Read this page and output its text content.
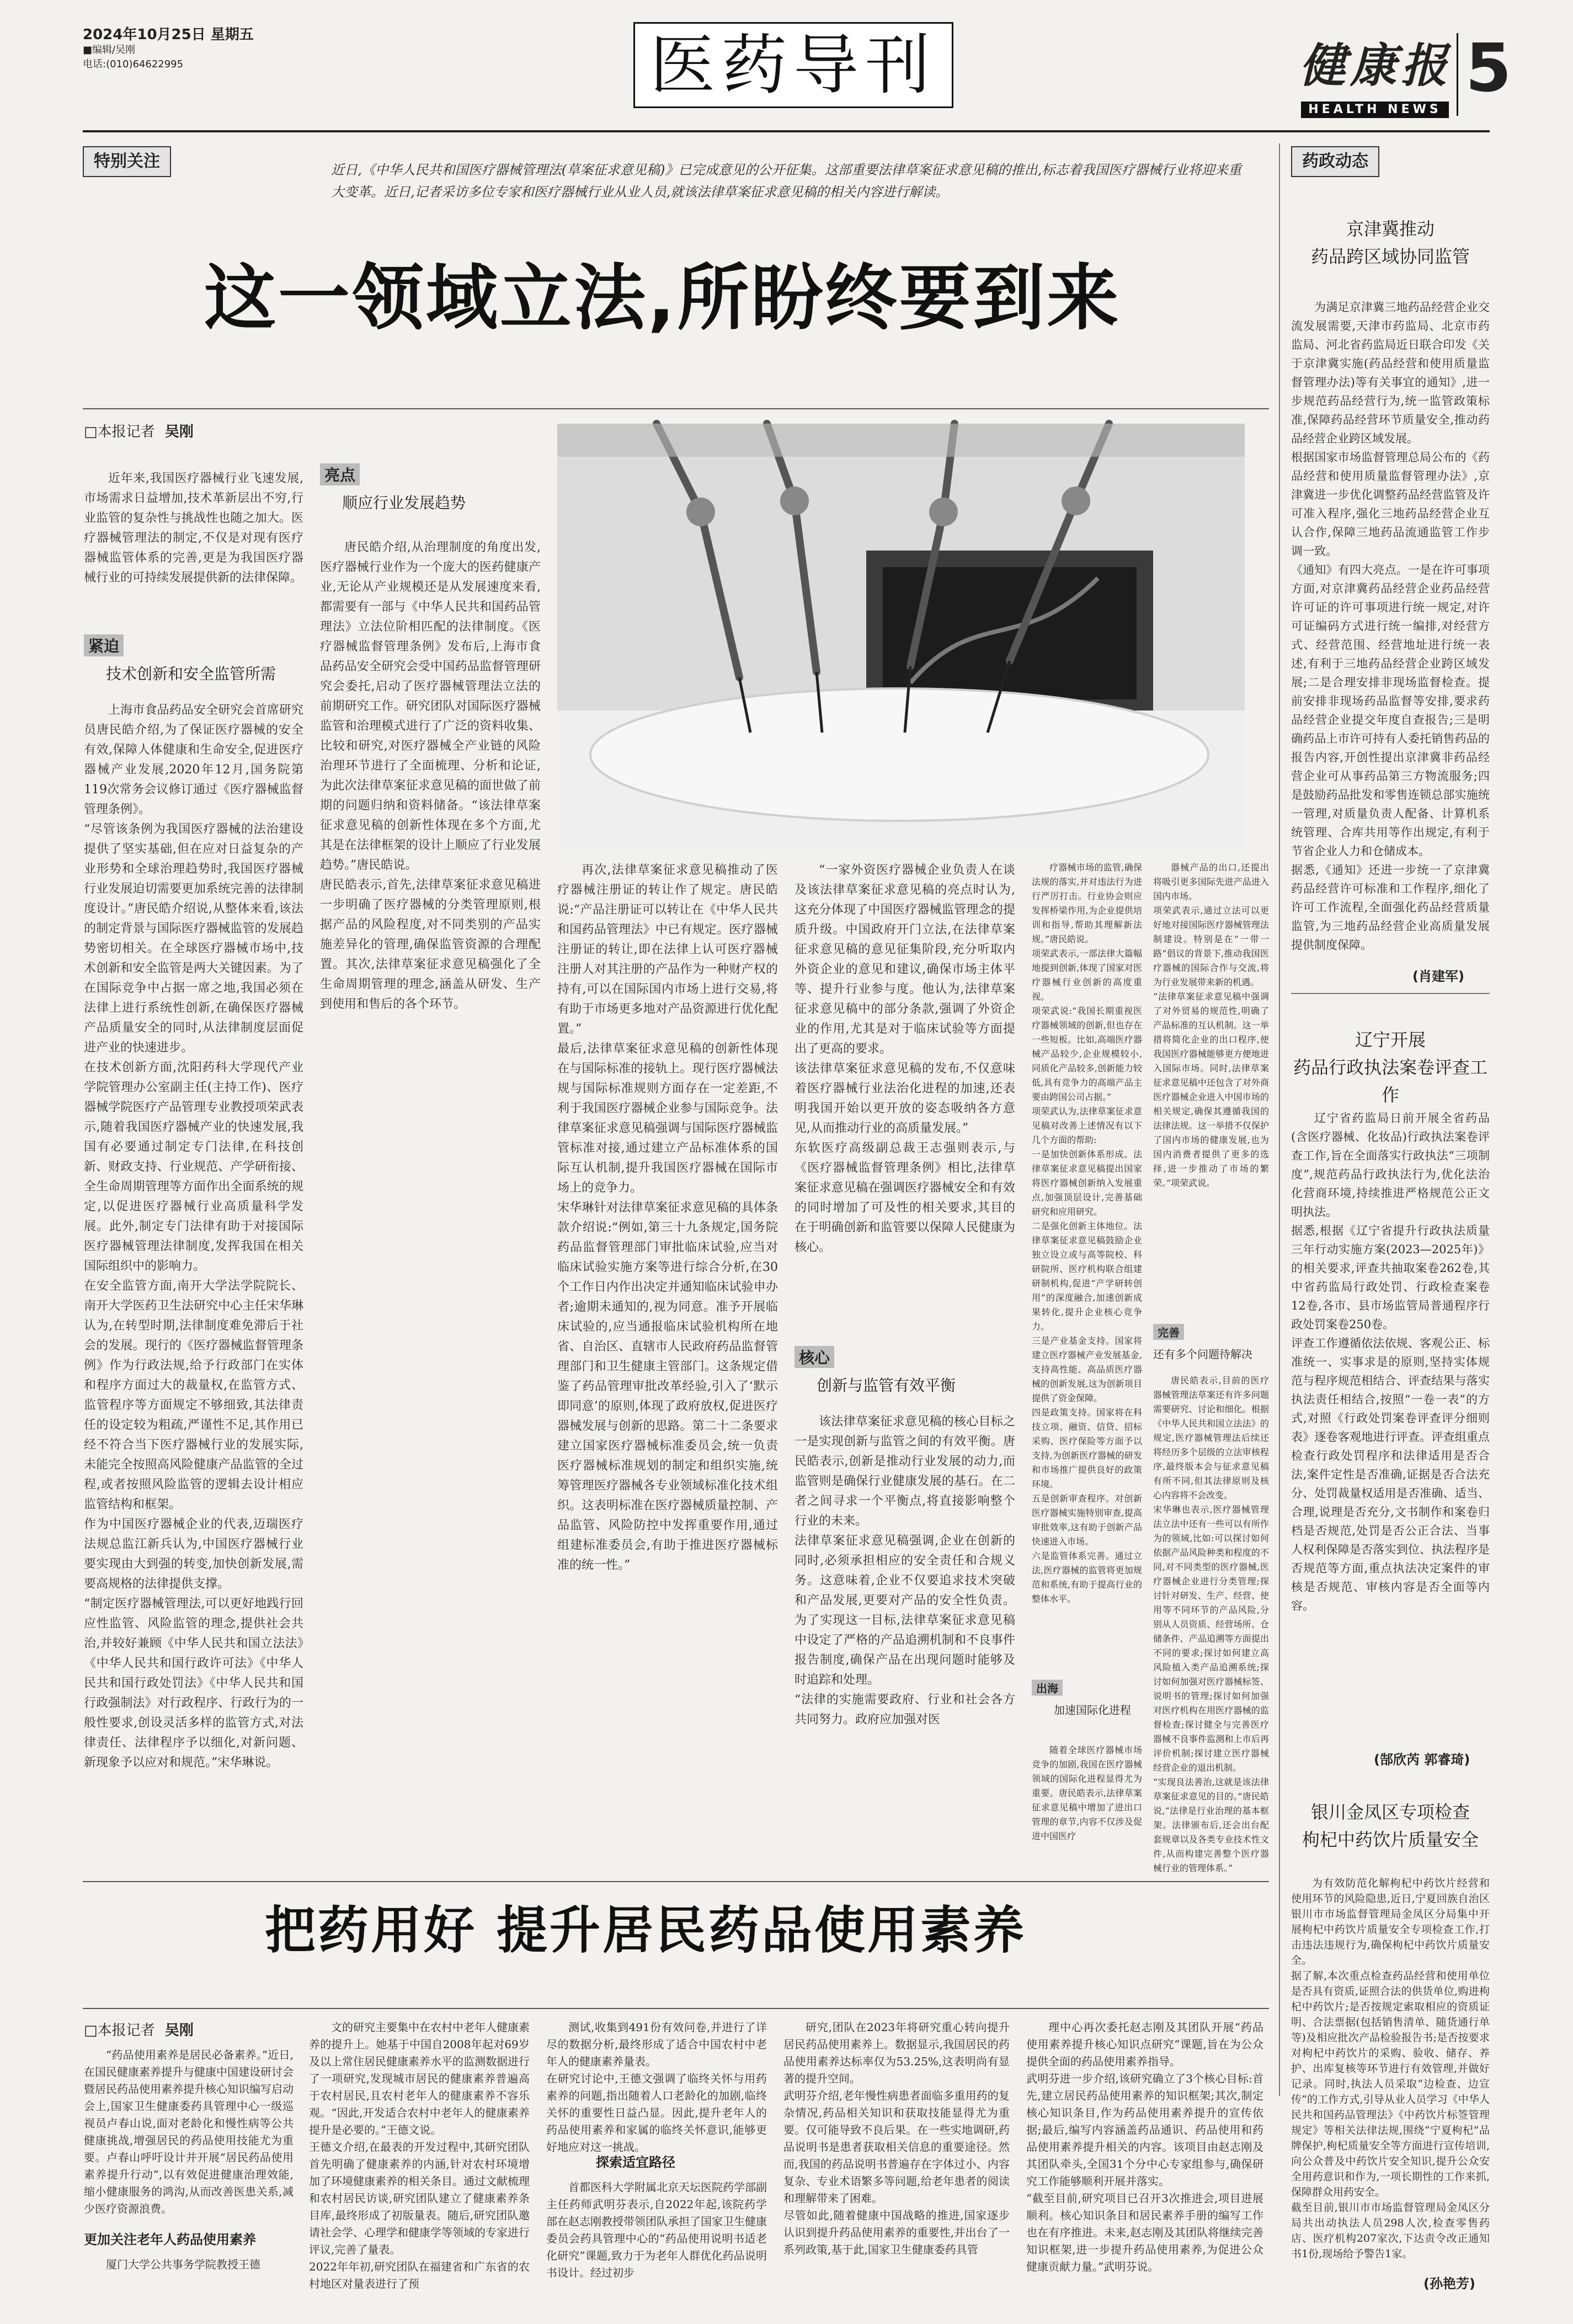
2024年10月25日 星期五
■编辑/吴刚
电话:(010)64622995	医药导刊	健康报
HEALTH NEWS
5
特别关注	近日,《中华人民共和国医疗器械管理法(草案征求意见稿)》已完成意见的公开征集。这部重要法律草案征求意见稿的推出,标志着我国医疗器械行业将迎来重大变革。近日,记者采访多位专家和医疗器械行业从业人员,就该法律草案征求意见稿的相关内容进行解读。

这一领域立法,所盼终要到来
□本报记者 吴刚

近年来,我国医疗器械行业飞速发展,市场需求日益增加,技术革新层出不穷,行业监管的复杂性与挑战性也随之加大。医疗器械管理法的制定,不仅是对现有医疗器械监管体系的完善,更是为我国医疗器械行业的可持续发展提供新的法律保障。

紧迫
技术创新和安全监管所需

上海市食品药品安全研究会首席研究员唐民皓介绍,为了保证医疗器械的安全有效,保障人体健康和生命安全,促进医疗器械产业发展,2020年12月,国务院第119次常务会议修订通过《医疗器械监督管理条例》。
“尽管该条例为我国医疗器械的法治建设提供了坚实基础,但在应对日益复杂的产业形势和全球治理趋势时,我国医疗器械行业发展迫切需要更加系统完善的法律制度设计。”唐民皓介绍说,从整体来看,该法的制定背景与国际医疗器械监管的发展趋势密切相关。在全球医疗器械市场中,技术创新和安全监管是两大关键因素。为了在国际竞争中占据一席之地,我国必须在法律上进行系统性创新,在确保医疗器械产品质量安全的同时,从法律制度层面促进产业的快速进步。
在技术创新方面,沈阳药科大学现代产业学院管理办公室副主任(主持工作)、医疗器械学院医疗产品管理专业教授项荣武表示,随着我国医疗器械产业的快速发展,我国有必要通过制定专门法律,在科技创新、财政支持、行业规范、产学研衔接、全生命周期管理等方面作出全面系统的规定,以促进医疗器械行业高质量科学发展。此外,制定专门法律有助于对接国际医疗器械管理法律制度,发挥我国在相关国际组织中的影响力。
在安全监管方面,南开大学法学院院长、南开大学医药卫生法研究中心主任宋华琳认为,在转型时期,法律制度难免滞后于社会的发展。现行的《医疗器械监督管理条例》作为行政法规,给予行政部门在实体和程序方面过大的裁量权,在监管方式、监管程序等方面规定不够细致,其法律责任的设定较为粗疏,严谨性不足,其作用已经不符合当下医疗器械行业的发展实际,未能完全按照高风险健康产品监管的全过程,或者按照风险监管的逻辑去设计相应监管结构和框架。
作为中国医疗器械企业的代表,迈瑞医疗法规总监江新兵认为,中国医疗器械行业要实现由大到强的转变,加快创新发展,需要高规格的法律提供支撑。
“制定医疗器械管理法,可以更好地践行回应性监管、风险监管的理念,提供社会共治,并较好兼顾《中华人民共和国立法法》《中华人民共和国行政许可法》《中华人民共和国行政处罚法》《中华人民共和国行政强制法》对行政程序、行政行为的一般性要求,创设灵活多样的监管方式,对法律责任、法律程序予以细化,对新问题、新现象予以应对和规范。”宋华琳说。

亮点
顺应行业发展趋势

唐民皓介绍,从治理制度的角度出发,医疗器械行业作为一个庞大的医药健康产业,无论从产业规模还是从发展速度来看,都需要有一部与《中华人民共和国药品管理法》立法位阶相匹配的法律制度。《医疗器械监督管理条例》发布后,上海市食品药品安全研究会受中国药品监督管理研究会委托,启动了医疗器械管理法立法的前期研究工作。研究团队对国际医疗器械监管和治理模式进行了广泛的资料收集、比较和研究,对医疗器械全产业链的风险治理环节进行了全面梳理、分析和论证,为此次法律草案征求意见稿的面世做了前期的问题归纳和资料储备。“该法律草案征求意见稿的创新性体现在多个方面,尤其是在法律框架的设计上顺应了行业发展趋势。”唐民皓说。
唐民皓表示,首先,法律草案征求意见稿进一步明确了医疗器械的分类管理原则,根据产品的风险程度,对不同类别的产品实施差异化的管理,确保监管资源的合理配置。其次,法律草案征求意见稿强化了全生命周期管理的理念,涵盖从研发、生产到使用和售后的各个环节。

再次,法律草案征求意见稿推动了医疗器械注册证的转让作了规定。唐民皓说:“产品注册证可以转让在《中华人民共和国药品管理法》中已有规定。医疗器械注册证的转让,即在法律上认可医疗器械注册人对其注册的产品作为一种财产权的持有,可以在国际国内市场上进行交易,将有助于市场更多地对产品资源进行优化配置。”
最后,法律草案征求意见稿的创新性体现在与国际标准的接轨上。现行医疗器械法规与国际标准规则方面存在一定差距,不利于我国医疗器械企业参与国际竞争。法律草案征求意见稿强调与国际医疗器械监管标准对接,通过建立产品标准体系的国际互认机制,提升我国医疗器械在国际市场上的竞争力。
宋华琳针对法律草案征求意见稿的具体条款介绍说:“例如,第三十九条规定,国务院药品监督管理部门审批临床试验,应当对临床试验实施方案等进行综合分析,在30个工作日内作出决定并通知临床试验申办者;逾期未通知的,视为同意。准予开展临床试验的,应当通报临床试验机构所在地省、自治区、直辖市人民政府药品监督管理部门和卫生健康主管部门。这条规定借鉴了药品管理审批改革经验,引入了‘默示即同意’的原则,体现了政府放权,促进医疗器械发展与创新的思路。第二十二条要求建立国家医疗器械标准委员会,统一负责医疗器械标准规划的制定和组织实施,统筹管理医疗器械各专业领域标准化技术组织。这表明标准在医疗器械质量控制、产品监管、风险防控中发挥重要作用,通过组建标准委员会,有助于推进医疗器械标准的统一性。”

“一家外资医疗器械企业负责人在谈及该法律草案征求意见稿的亮点时认为,这充分体现了中国医疗器械监管理念的提质升级。中国政府开门立法,在法律草案征求意见稿的意见征集阶段,充分听取内外资企业的意见和建议,确保市场主体平等、提升行业参与度。他认为,法律草案征求意见稿中的部分条款,强调了外资企业的作用,尤其是对于临床试验等方面提出了更高的要求。
该法律草案征求意见稿的发布,不仅意味着医疗器械行业法治化进程的加速,还表明我国开始以更开放的姿态吸纳各方意见,从而推动行业的高质量发展。”
东软医疗高级副总裁王志强则表示,与《医疗器械监督管理条例》相比,法律草案征求意见稿在强调医疗器械安全和有效的同时增加了可及性的相关要求,其目的在于明确创新和监管要以保障人民健康为核心。

核心
创新与监管有效平衡

该法律草案征求意见稿的核心目标之一是实现创新与监管之间的有效平衡。唐民皓表示,创新是推动行业发展的动力,而监管则是确保行业健康发展的基石。在二者之间寻求一个平衡点,将直接影响整个行业的未来。
法律草案征求意见稿强调,企业在创新的同时,必须承担相应的安全责任和合规义务。这意味着,企业不仅要追求技术突破和产品发展,更要对产品的安全性负责。为了实现这一目标,法律草案征求意见稿中设定了严格的产品追溯机制和不良事件报告制度,确保产品在出现问题时能够及时追踪和处理。
“法律的实施需要政府、行业和社会各方共同努力。政府应加强对医

疗器械市场的监管,确保法规的落实,并对违法行为进行严厉打击。行业协会则应发挥桥梁作用,为企业提供培训和指导,帮助其理解新法规。”唐民皓说。
项荣武表示,一部法律大篇幅地提到创新,体现了国家对医疗器械行业创新的高度重视。
项荣武说:“我国长期重视医疗器械领域的创新,但也存在一些短板。比如,高端医疗器械产品较少,企业规模较小,同质化产品较多,创新能力较低,具有竞争力的高端产品主要由跨国公司占据。”
项荣武认为,法律草案征求意见稿对改善上述情况有以下几个方面的帮助:
一是加快创新体系形成。法律草案征求意见稿提出国家将医疗器械创新纳入发展重点,加强顶层设计,完善基础研究和应用研究。
二是强化创新主体地位。法律草案征求意见稿鼓励企业独立设立或与高等院校、科研院所、医疗机构联合组建研制机构,促进“产学研转创用”的深度融合,加速创新成果转化,提升企业核心竞争力。
三是产业基金支持。国家将建立医疗器械产业发展基金,支持高性能、高品质医疗器械的创新发展,这为创新项目提供了资金保障。
四是政策支持。国家将在科技立项、融资、信贷、招标采购、医疗保险等方面予以支持,为创新医疗器械的研发和市场推广提供良好的政策环境。
五是创新审查程序。对创新医疗器械实施特别审查,提高审批效率,这有助于创新产品快速进入市场。
六是监管体系完善。通过立法,医疗器械的监管将更加规范和系统,有助于提高行业的整体水平。

出海
加速国际化进程

随着全球医疗器械市场竞争的加剧,我国在医疗器械领域的国际化进程显得尤为重要。唐民皓表示,法律草案征求意见稿中增加了进出口管理的章节,内容不仅涉及促进中国医疗

器械产品的出口,还提出将吸引更多国际先进产品进入国内市场。
项荣武表示,通过立法可以更好地对接国际医疗器械管理法制建设。特别是在“一带一路”倡议的背景下,推动我国医疗器械的国际合作与交流,将为行业发展带来新的机遇。
“法律草案征求意见稿中强调了对外贸易的规范性,明确了产品标准的互认机制。这一举措将简化企业的出口程序,使我国医疗器械能够更方便地进入国际市场。同时,法律草案征求意见稿中还包含了对外商医疗器械企业进入中国市场的相关规定,确保其遵循我国的法律法规。这一举措不仅保护了国内市场的健康发展,也为国内消费者提供了更多的选择,进一步推动了市场的繁荣。”项荣武说。

药政动态
京津冀推动
药品跨区域协同监管

为满足京津冀三地药品经营企业交流发展需要,天津市药监局、北京市药监局、河北省药监局近日联合印发《关于京津冀实施(药品经营和使用质量监督管理办法)等有关事宜的通知》,进一步规范药品经营行为,统一监管政策标准,保障药品经营环节质量安全,推动药品经营企业跨区域发展。
根据国家市场监督管理总局公布的《药品经营和使用质量监督管理办法》,京津冀进一步优化调整药品经营监管及许可准入程序,强化三地药品经营企业互认合作,保障三地药品流通监管工作步调一致。
《通知》有四大亮点。一是在许可事项方面,对京津冀药品经营企业药品经营许可证的许可事项进行统一规定,对许可证编码方式进行统一编排,对经营方式、经营范围、经营地址进行统一表述,有利于三地药品经营企业跨区域发展;二是合理安排非现场监督检查。提前安排非现场药品监督等安排,要求药品经营企业提交年度自查报告;三是明确药品上市许可持有人委托销售药品的报告内容,开创性提出京津冀非药品经营企业可从事药品第三方物流服务;四是鼓励药品批发和零售连锁总部实施统一管理,对质量负责人配备、计算机系统管理、合库共用等作出规定,有利于节省企业人力和仓储成本。
据悉,《通知》还进一步统一了京津冀药品经营许可标准和工作程序,细化了许可工作流程,全面强化药品经营质量监管,为三地药品经营企业高质量发展提供制度保障。

(肖建军)
辽宁开展
药品行政执法案卷评查工作

辽宁省药监局日前开展全省药品(含医疗器械、化妆品)行政执法案卷评查工作,旨在全面落实行政执法“三项制度”,规范药品行政执法行为,优化法治化营商环境,持续推进严格规范公正文明执法。
据悉,根据《辽宁省提升行政执法质量三年行动实施方案(2023—2025年)》的相关要求,评查共抽取案卷262卷,其中省药监局行政处罚、行政检查案卷12卷,各市、县市场监管局普通程序行政处罚案卷250卷。
评查工作遵循依法依规、客观公正、标准统一、实事求是的原则,坚持实体规范与程序规范相结合、评查结果与落实执法责任相结合,按照“一卷一表”的方式,对照《行政处罚案卷评查评分细则表》逐卷客观地进行评查。评查组重点检查行政处罚程序和法律适用是否合法,案件定性是否准确,证据是否合法充分、处罚裁量权适用是否准确、适当、合理,说理是否充分,文书制作和案卷归档是否规范,处罚是否公正合法、当事人权利保障是否落实到位、执法程序是否规范等方面,重点执法决定案件的审核是否规范、审核内容是否全面等内容。

(郜欣芮 郭睿琦)
银川金凤区专项检查
枸杞中药饮片质量安全

为有效防范化解枸杞中药饮片经营和使用环节的风险隐患,近日,宁夏回族自治区银川市市场监督管理局金凤区分局集中开展枸杞中药饮片质量安全专项检查工作,打击违法违规行为,确保枸杞中药饮片质量安全。
据了解,本次重点检查药品经营和使用单位是否具有资质,证照合法的供货单位,购进枸杞中药饮片;是否按规定索取相应的资质证明、合法票据(包括销售清单、随货通行单等)及相应批次产品检验报告书;是否按要求对枸杞中药饮片的采购、验收、储存、养护、出库复核等环节进行有效管理,并做好记录。同时,执法人员采取“边检查、边宣传”的工作方式,引导从业人员学习《中华人民共和国药品管理法》《中药饮片标签管理规定》等相关法律法规,围绕“宁夏枸杞”品牌保护,枸杞质量安全等方面进行宣传培训,向公众普及中药饮片安全知识,提升公众安全用药意识和作为,一项长期性的工作来抓,保障群众用药安全。
截至目前,银川市市场监督管理局金凤区分局共出动执法人员298人次,检查零售药店、医疗机构207家次,下达责令改正通知书1份,现场给予警告1家。

(孙艳芳)
把药用好 提升居民药品使用素养
□本报记者 吴刚

“药品使用素养是居民必备素养。”近日,在国民健康素养提升与健康中国建设研讨会暨居民药品使用素养提升核心知识编写启动会上,国家卫生健康委药具管理中心一级巡视员卢春山说,面对老龄化和慢性病等公共健康挑战,增强居民的药品使用技能尤为重要。卢春山呼吁设计并开展“居民药品使用素养提升行动”,以有效促进健康治理效能,缩小健康服务的鸿沟,从而改善医患关系,减少医疗资源浪费。

更加关注老年人药品使用素养

厦门大学公共事务学院教授王德

文的研究主要集中在农村中老年人健康素养的提升上。她基于中国自2008年起对69岁及以上常住居民健康素养水平的监测数据进行了一项研究,发现城市居民的健康素养普遍高于农村居民,且农村老年人的健康素养不容乐观。“因此,开发适合农村中老年人的健康素养提升是必要的。”王德文说。
王德文介绍,在最表的开发过程中,其研究团队首先明确了健康素养的内涵,针对农村环境增加了环境健康素养的相关条目。通过文献梳理和农村居民访谈,研究团队建立了健康素养条目库,最终形成了初版量表。随后,研究团队邀请社会学、心理学和健康学等领域的专家进行评议,完善了量表。
2022年年初,研究团队在福建省和广东省的农村地区对量表进行了预

测试,收集到491份有效问卷,并进行了详尽的数据分析,最终形成了适合中国农村中老年人的健康素养量表。
在研究讨论中,王德文强调了临终关怀与用药素养的问题,指出随着人口老龄化的加剧,临终关怀的重要性日益凸显。因此,提升老年人的药品使用素养和家属的临终关怀意识,能够更好地应对这一挑战。

探索适宜路径

首都医科大学附属北京天坛医院药学部副主任药师武明芬表示,自2022年起,该院药学部在赵志刚教授带领团队承担了国家卫生健康委员会药具管理中心的“药品使用说明书适老化研究”课题,致力于为老年人群优化药品说明书设计。经过初步

研究,团队在2023年将研究重心转向提升居民药品使用素养上。数据显示,我国居民的药品使用素养达标率仅为53.25%,这表明尚有显著的提升空间。
武明芬介绍,老年慢性病患者面临多重用药的复杂情况,药品相关知识和获取技能显得尤为重要。仅可能导致不良后果。在一些实地调研,药品说明书是患者获取相关信息的重要途径。然而,我国的药品说明书普遍存在字体过小、内容复杂、专业术语繁多等问题,给老年患者的阅读和理解带来了困难。
尽管如此,随着健康中国战略的推进,国家逐步认识到提升药品使用素养的重要性,并出台了一系列政策,基于此,国家卫生健康委药具管

理中心再次委托赵志刚及其团队开展“药品使用素养提升核心知识点研究”课题,旨在为公众提供全面的药品使用素养指导。
武明芬进一步介绍,该研究确立了3个核心目标:首先,建立居民药品使用素养的知识框架;其次,制定核心知识条目,作为药品使用素养提升的宣传依据;最后,编写内容涵盖药品通识、药品使用和药品使用素养提升相关的内容。该项目由赵志刚及其团队牵头,全国31个分中心专家组参与,确保研究工作能够顺利开展并落实。
“截至目前,研究项目已召开3次推进会,项目进展顺利。核心知识条目和居民素养手册的编写工作也在有序推进。未来,赵志刚及其团队将继续完善知识框架,进一步提升药品使用素养,为促进公众健康贡献力量。”武明芬说。

完善
还有多个问题待解决

唐民皓表示,目前的医疗器械管理法草案还有许多问题需要研究、讨论和细化。根据《中华人民共和国立法法》的规定,医疗器械管理法后续还将经历多个层级的立法审核程序,最终版本会与征求意见稿有所不同,但其法律原则及核心内容将不会改变。
宋华琳也表示,医疗器械管理法立法中还有一些可以有所作为的领域,比如:可以探讨如何依据产品风险种类和程度的不同,对不同类型的医疗器械,医疗器械企业进行分类管理;探讨针对研发、生产、经营、使用等不同环节的产品风险,分别从人员资质、经营场所、仓储条件、产品追溯等方面提出不同的要求;探讨如何建立高风险植入类产品追溯系统;探讨如何加强对医疗器械标签、说明书的管理;探讨如何加强对医疗机构在用医疗器械的监督检查;探讨健全与完善医疗器械不良事件监测和上市后再评价机制;探讨建立医疗器械经营企业的退出机制。
“实现良法善治,这就是该法律草案征求意见的目的。”唐民皓说,“法律是行业治理的基本框架。法律颁布后,还会出台配套规章以及各类专业技术性文件,从而构建完善整个医疗器械行业的管理体系。”
